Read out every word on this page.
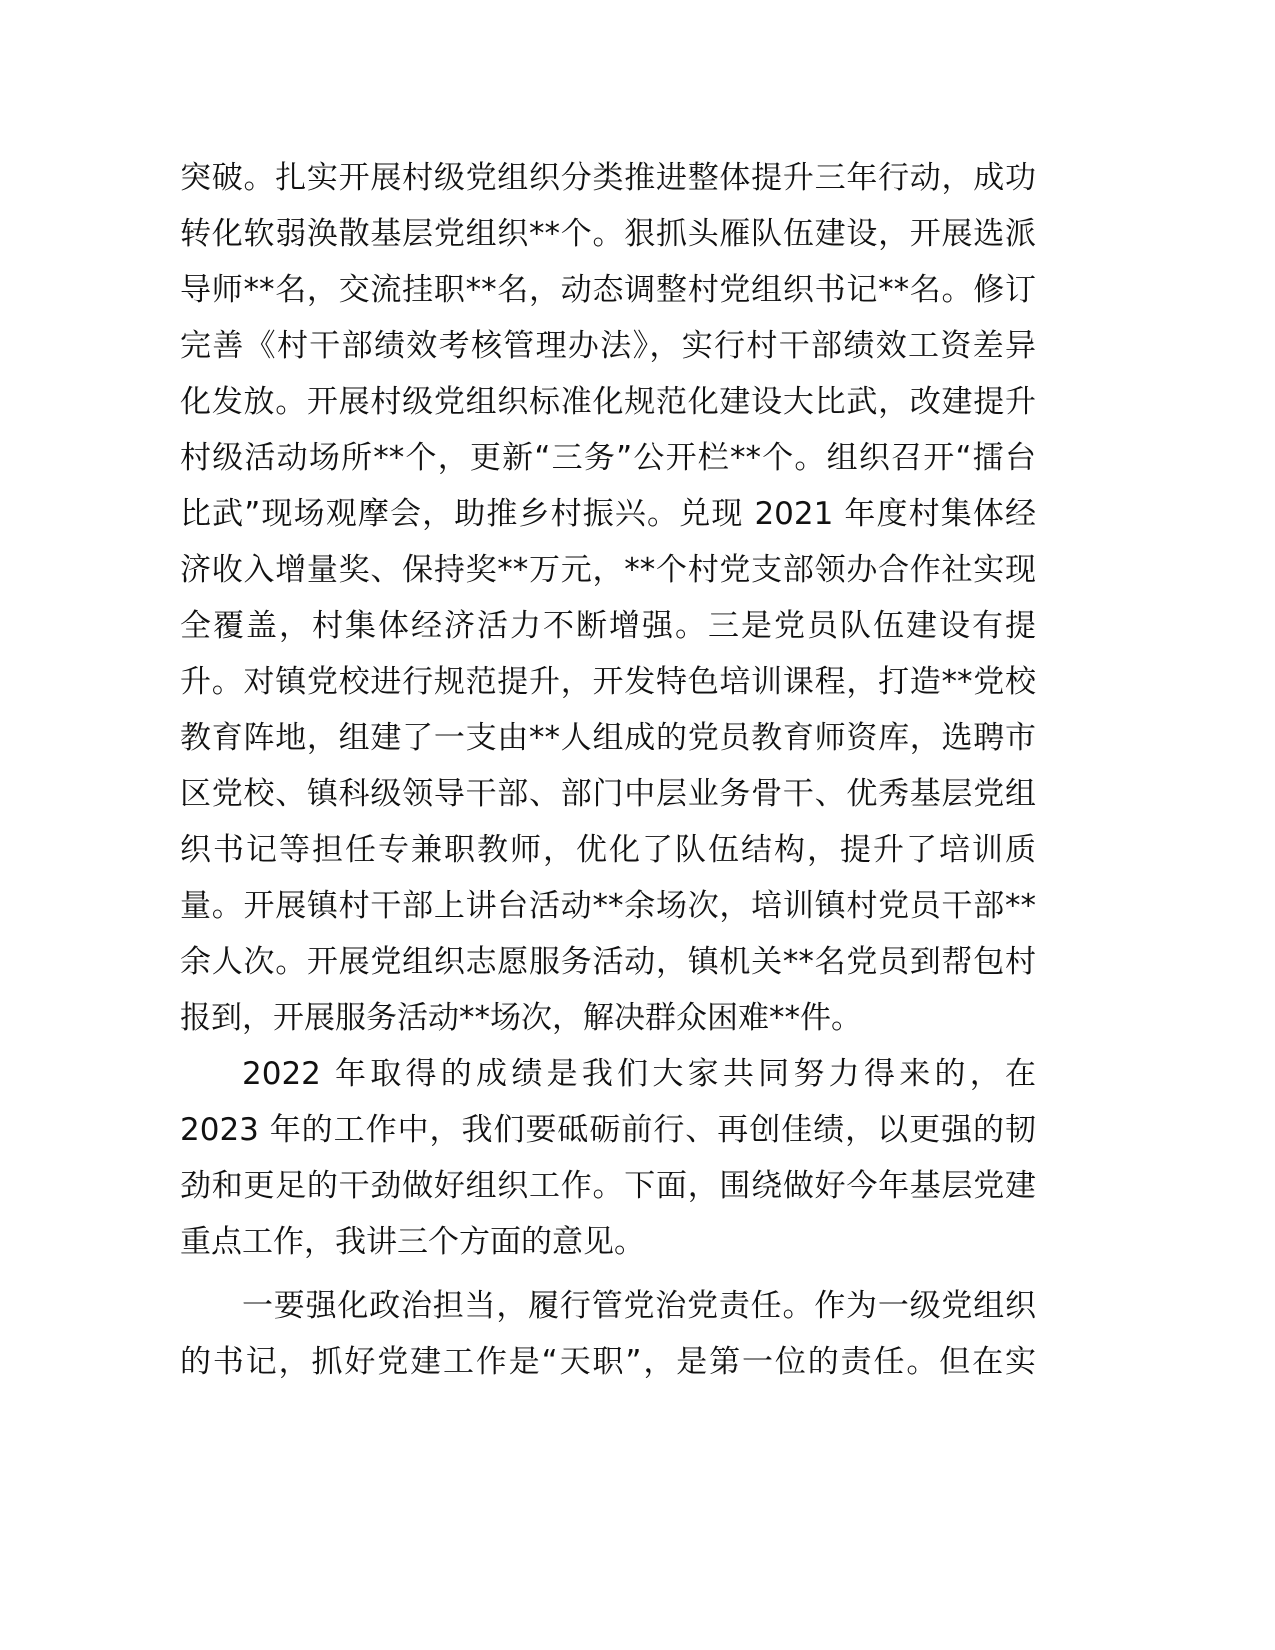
突破。扎实开展村级党组织分类推进整体提升三年行动，成功
转化软弱涣散基层党组织**个。狠抓头雁队伍建设，开展选派
导师**名，交流挂职**名，动态调整村党组织书记**名。修订
完善《村干部绩效考核管理办法》，实行村干部绩效工资差异
化发放。开展村级党组织标准化规范化建设大比武，改建提升
村级活动场所**个，更新“三务”公开栏**个。组织召开“擂台
比武”现场观摩会，助推乡村振兴。兑现 2021 年度村集体经
济收入增量奖、保持奖**万元，**个村党支部领办合作社实现
全覆盖，村集体经济活力不断增强。三是党员队伍建设有提
升。对镇党校进行规范提升，开发特色培训课程，打造**党校
教育阵地，组建了一支由**人组成的党员教育师资库，选聘市
区党校、镇科级领导干部、部门中层业务骨干、优秀基层党组
织书记等担任专兼职教师，优化了队伍结构，提升了培训质
量。开展镇村干部上讲台活动**余场次，培训镇村党员干部**
余人次。开展党组织志愿服务活动，镇机关**名党员到帮包村
报到，开展服务活动**场次，解决群众困难**件。
2022 年取得的成绩是我们大家共同努力得来的，在
2023 年的工作中，我们要砥砺前行、再创佳绩，以更强的韧
劲和更足的干劲做好组织工作。下面，围绕做好今年基层党建
重点工作，我讲三个方面的意见。
一要强化政治担当，履行管党治党责任。作为一级党组织
的书记，抓好党建工作是“天职”，是第一位的责任。但在实
